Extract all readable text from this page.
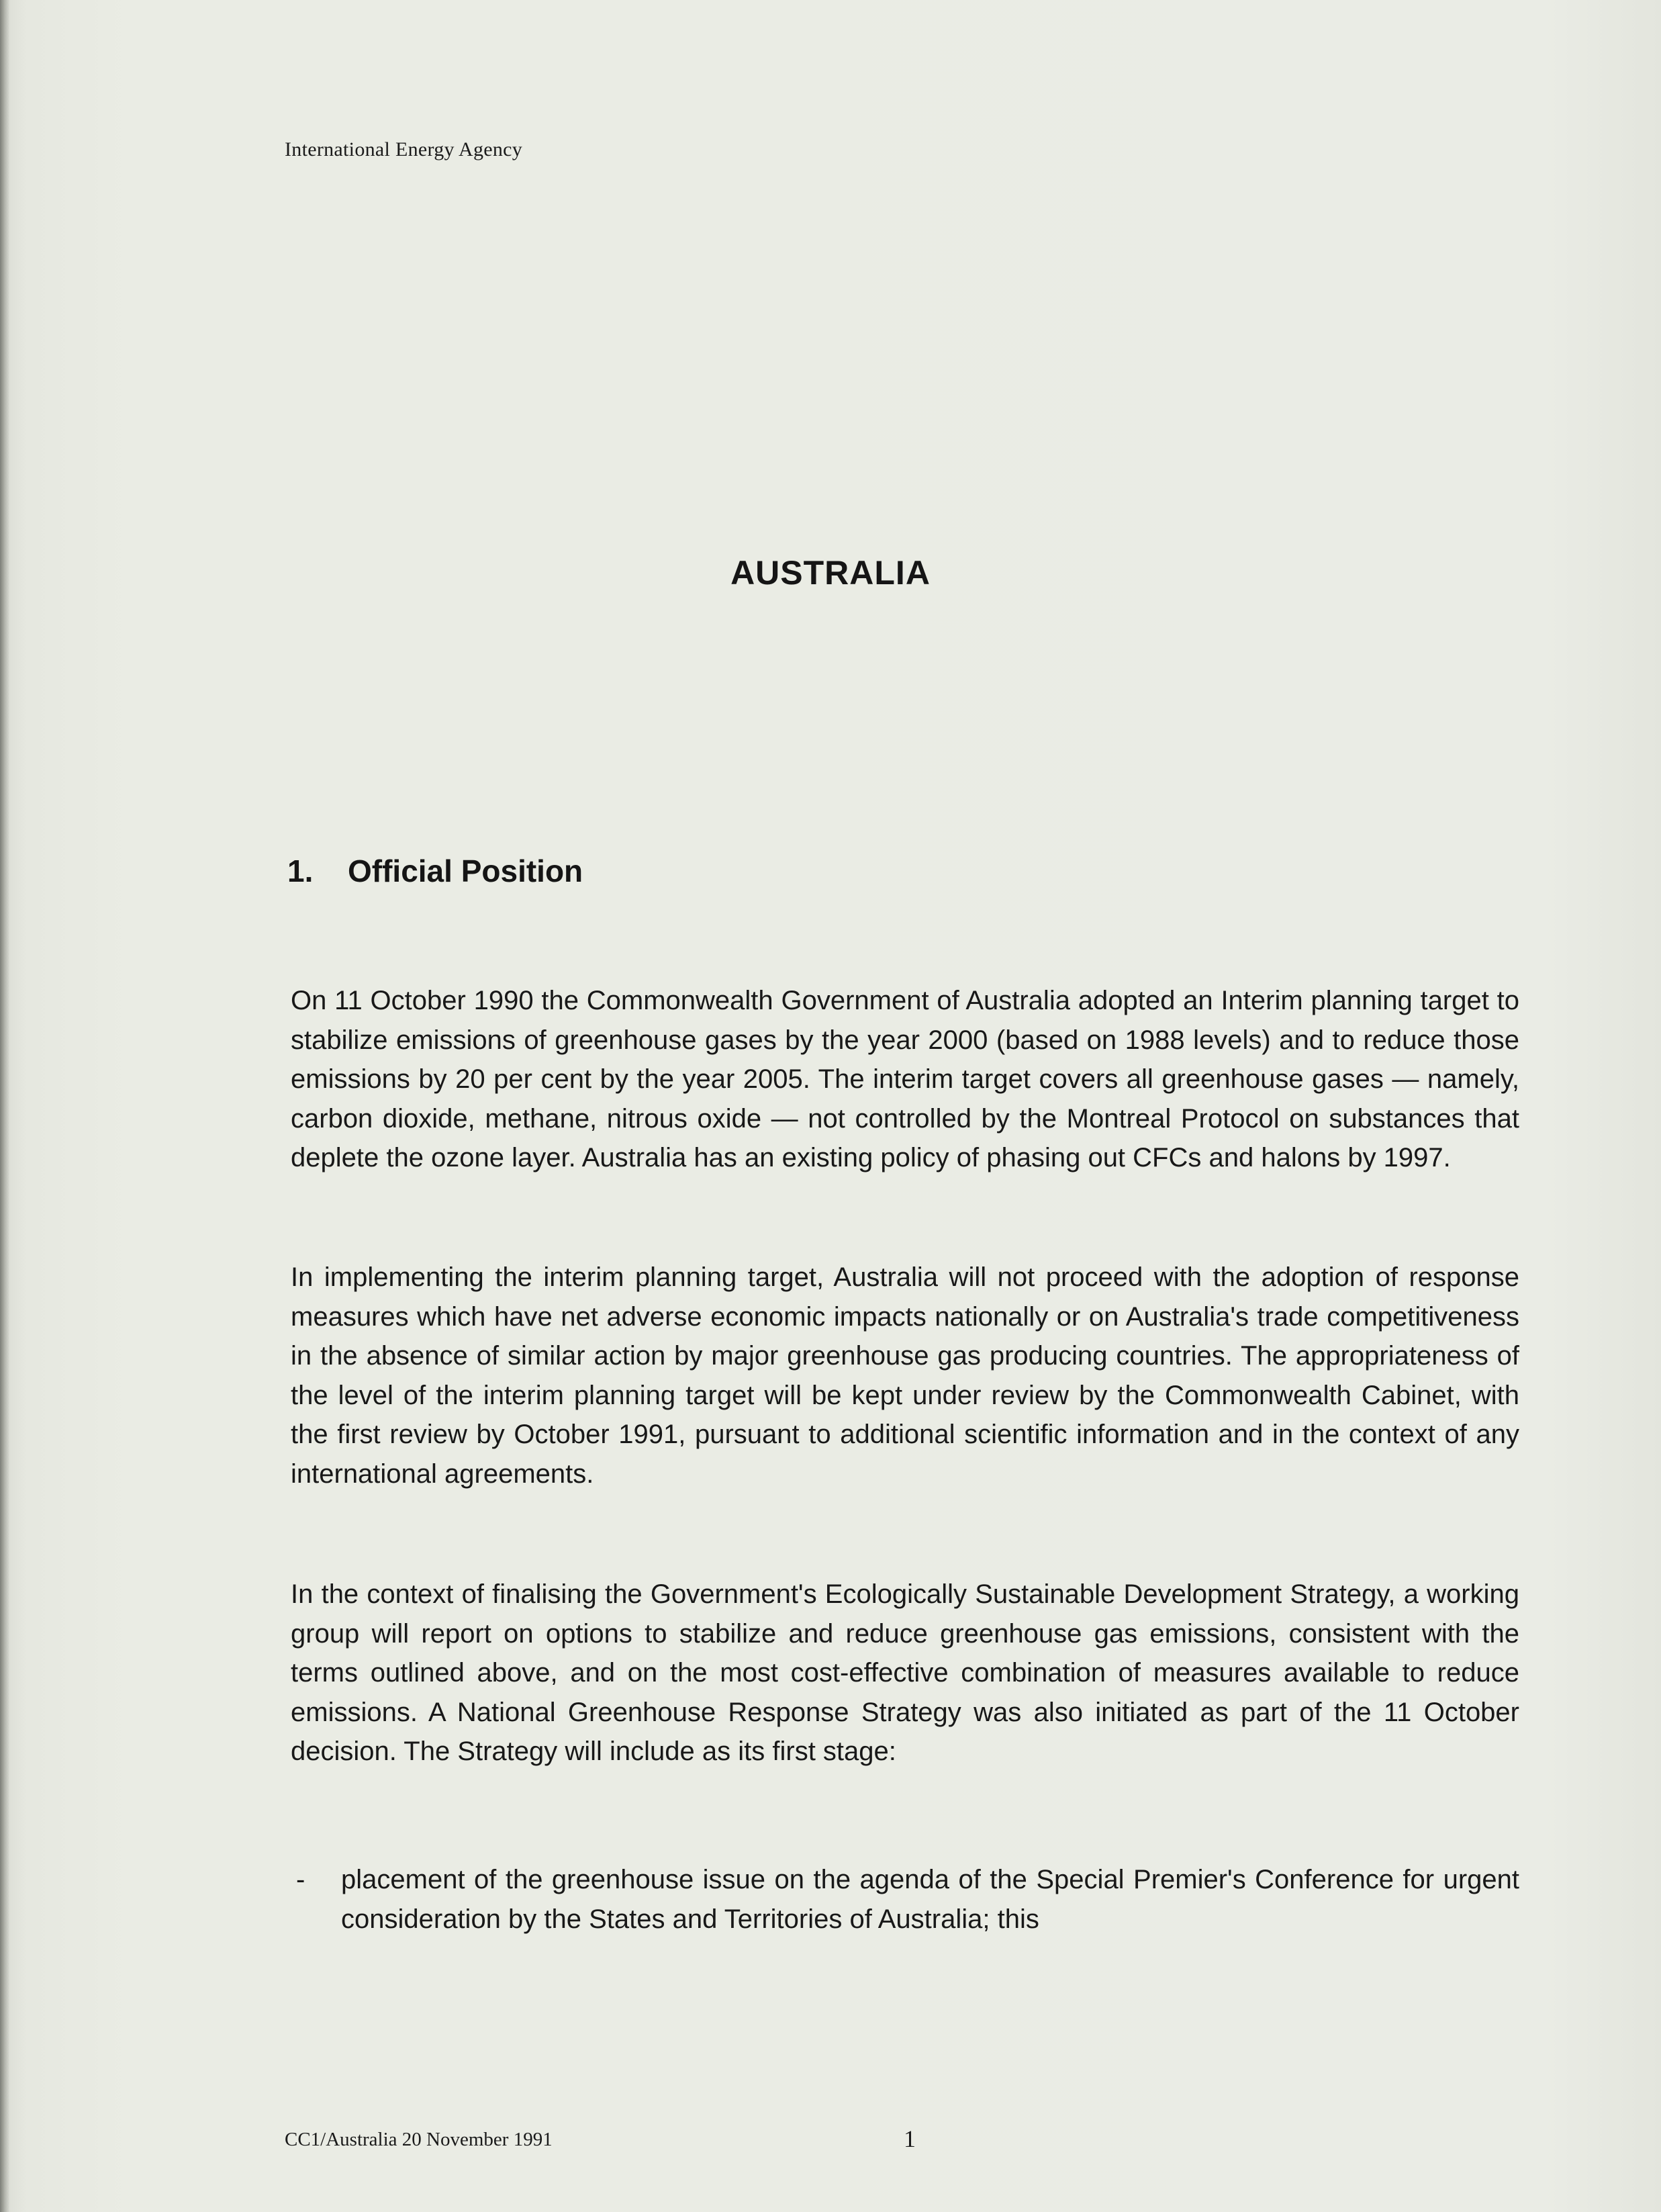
International Energy Agency
AUSTRALIA
1. Official Position
On 11 October 1990 the Commonwealth Government of Australia adopted an Interim planning target to stabilize emissions of greenhouse gases by the year 2000 (based on 1988 levels) and to reduce those emissions by 20 per cent by the year 2005. The interim target covers all greenhouse gases — namely, carbon dioxide, methane, nitrous oxide — not controlled by the Montreal Protocol on substances that deplete the ozone layer. Australia has an existing policy of phasing out CFCs and halons by 1997.
In implementing the interim planning target, Australia will not proceed with the adoption of response measures which have net adverse economic impacts nationally or on Australia's trade competitiveness in the absence of similar action by major greenhouse gas producing countries. The appropriateness of the level of the interim planning target will be kept under review by the Commonwealth Cabinet, with the first review by October 1991, pursuant to additional scientific information and in the context of any international agreements.
In the context of finalising the Government's Ecologically Sustainable Development Strategy, a working group will report on options to stabilize and reduce greenhouse gas emissions, consistent with the terms outlined above, and on the most cost-effective combination of measures available to reduce emissions. A National Greenhouse Response Strategy was also initiated as part of the 11 October decision. The Strategy will include as its first stage:
- placement of the greenhouse issue on the agenda of the Special Premier's Conference for urgent consideration by the States and Territories of Australia; this
CC1/Australia 20 November 1991	1
